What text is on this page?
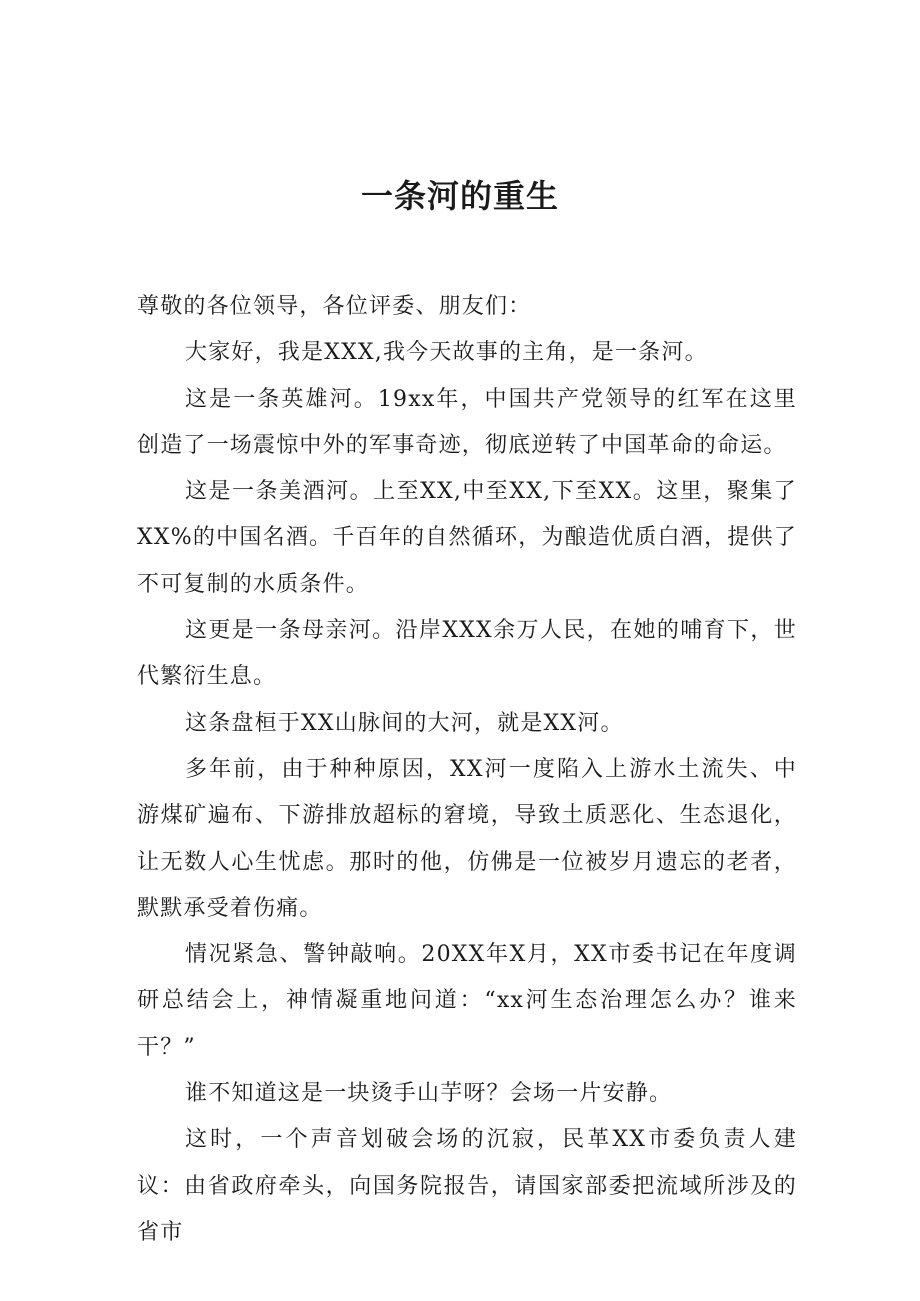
一条河的重生

尊敬的各位领导，各位评委、朋友们：

大家好，我是XXX,我今天故事的主角，是一条河。

这是一条英雄河。19xx年，中国共产党领导的红军在这里创造了一场震惊中外的军事奇迹，彻底逆转了中国革命的命运。

这是一条美酒河。上至XX,中至XX,下至XX。这里，聚集了XX%的中国名酒。千百年的自然循环，为酿造优质白酒，提供了不可复制的水质条件。

这更是一条母亲河。沿岸XXX余万人民，在她的哺育下，世代繁衍生息。

这条盘桓于XX山脉间的大河，就是XX河。

多年前，由于种种原因，XX河一度陷入上游水土流失、中游煤矿遍布、下游排放超标的窘境，导致土质恶化、生态退化，让无数人心生忧虑。那时的他，仿佛是一位被岁月遗忘的老者，默默承受着伤痛。

情况紧急、警钟敲响。20XX年X月，XX市委书记在年度调研总结会上，神情凝重地问道：“xx河生态治理怎么办？谁来干？”

谁不知道这是一块烫手山芋呀？会场一片安静。

这时，一个声音划破会场的沉寂，民革XX市委负责人建议：由省政府牵头，向国务院报告，请国家部委把流域所涉及的省市
